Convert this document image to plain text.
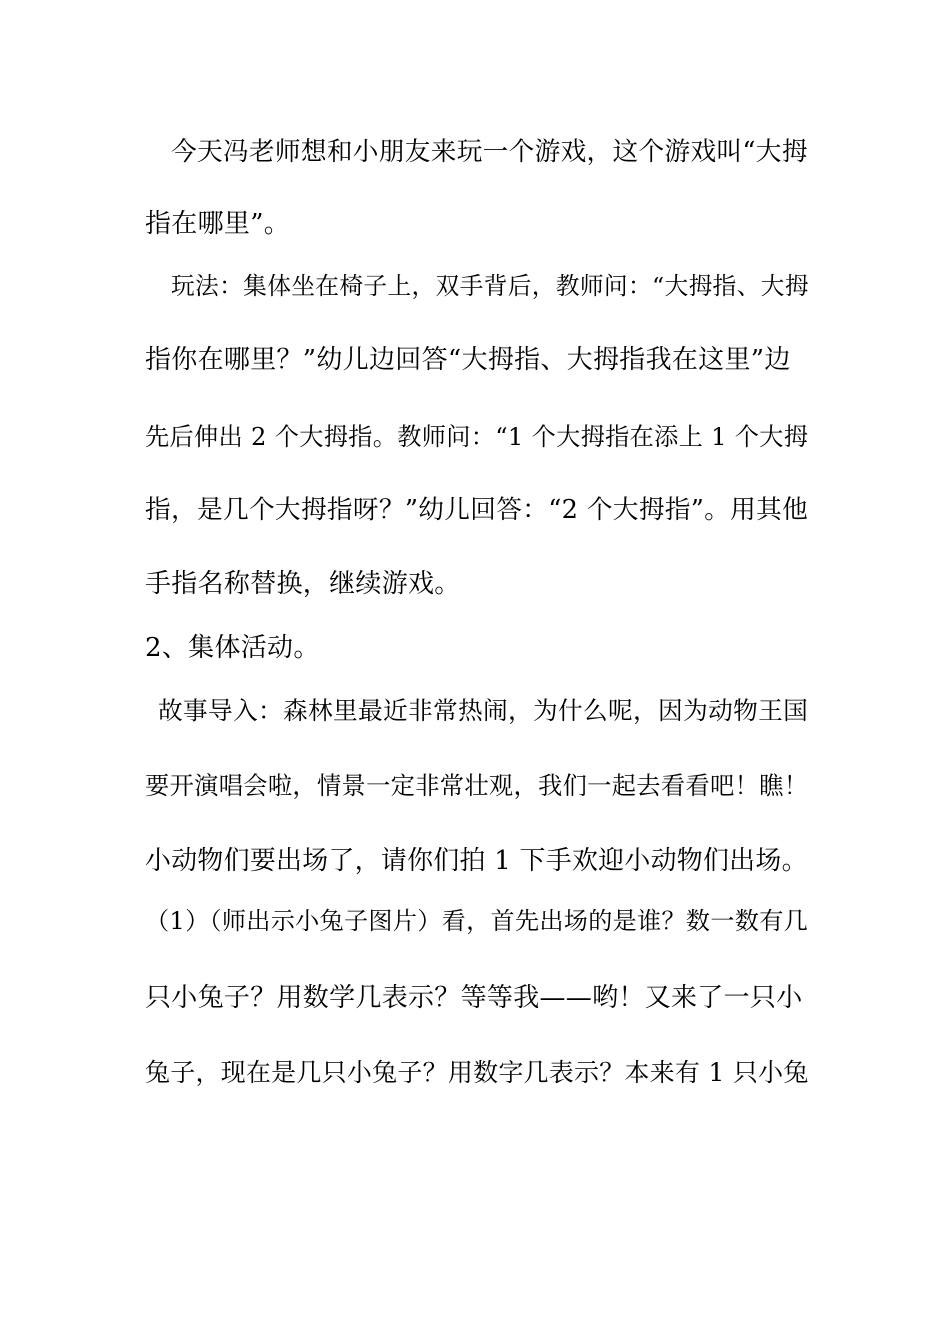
今天冯老师想和小朋友来玩一个游戏，这个游戏叫“大拇
指在哪里”。
玩法：集体坐在椅子上，双手背后，教师问：“大拇指、大拇
指你在哪里？”幼儿边回答“大拇指、大拇指我在这里”边
先后伸出 2 个大拇指。教师问：“1 个大拇指在添上 1 个大拇
指，是几个大拇指呀？”幼儿回答：“2 个大拇指”。用其他
手指名称替换，继续游戏。
2、集体活动。
故事导入：森林里最近非常热闹，为什么呢，因为动物王国
要开演唱会啦，情景一定非常壮观，我们一起去看看吧！瞧！
小动物们要出场了，请你们拍 1 下手欢迎小动物们出场。
（1）（师出示小兔子图片）看，首先出场的是谁？数一数有几
只小兔子？用数学几表示？等等我——哟！又来了一只小
兔子，现在是几只小兔子？用数字几表示？本来有 1 只小兔
